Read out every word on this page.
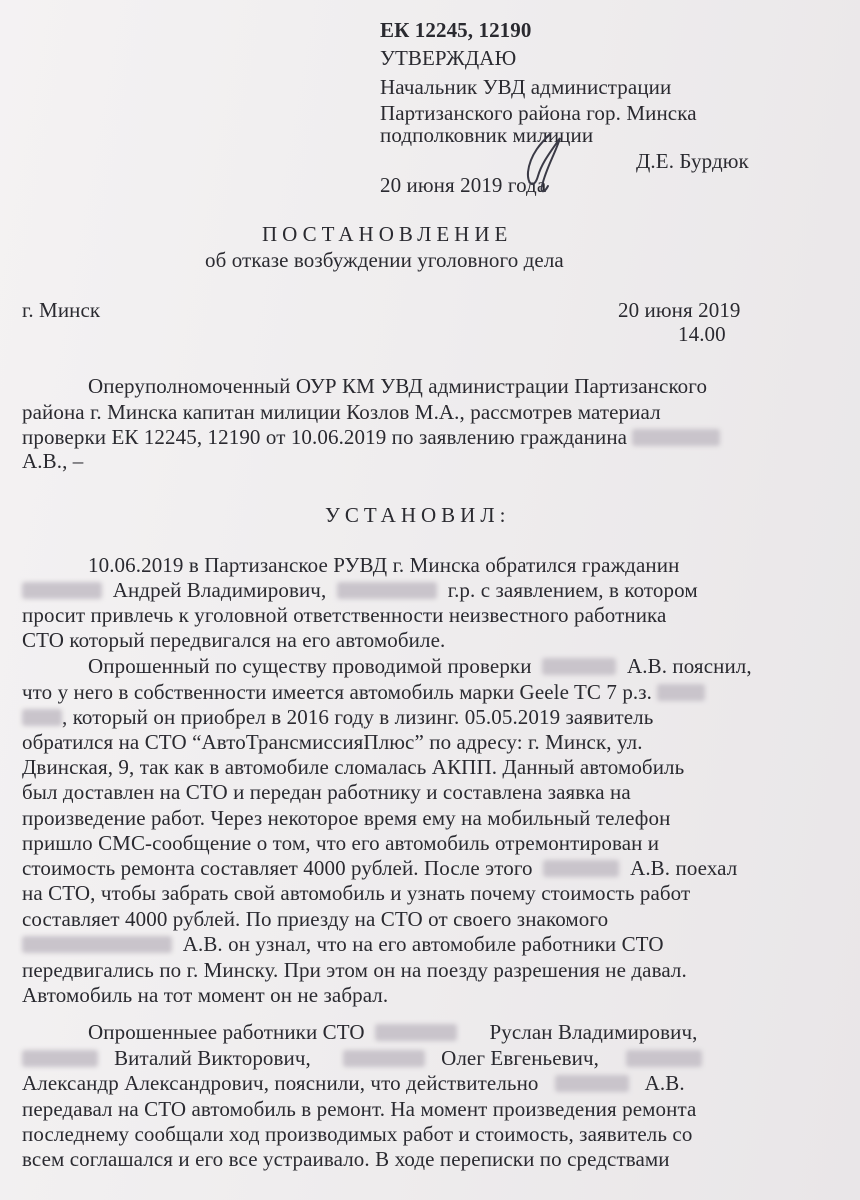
ЕК 12245, 12190
УТВЕРЖДАЮ
Начальник УВД администрации
Партизанского района гор. Минска
подполковник милиции
Д.Е. Бурдюк
20 июня 2019 года
ПОСТАНОВЛЕНИЕ
об отказе возбуждении уголовного дела
г. Минск	20 июня 2019
14.00
Оперуполномоченный ОУР КМ УВД администрации Партизанского
района г. Минска капитан милиции Козлов М.А., рассмотрев материал
проверки ЕК 12245, 12190 от 10.06.2019 по заявлению гражданина
А.В., –
УСТАНОВИЛ:
10.06.2019 в Партизанское РУВД г. Минска обратился гражданин
Андрей Владимирович,	г.р. с заявлением, в котором
просит привлечь к уголовной ответственности неизвестного работника
СТО который передвигался на его автомобиле.
Опрошенный по существу проводимой проверки	А.В. пояснил,
что у него в собственности имеется автомобиль марки Geele TC 7 р.з.
, который он приобрел в 2016 году в лизинг. 05.05.2019 заявитель
обратился на СТО “АвтоТрансмиссияПлюс” по адресу: г. Минск, ул.
Двинская, 9, так как в автомобиле сломалась АКПП. Данный автомобиль
был доставлен на СТО и передан работнику и составлена заявка на
произведение работ. Через некоторое время ему на мобильный телефон
пришло СМС-сообщение о том, что его автомобиль отремонтирован и
стоимость ремонта составляет 4000 рублей. После этого	А.В. поехал
на СТО, чтобы забрать свой автомобиль и узнать почему стоимость работ
составляет 4000 рублей. По приезду на СТО от своего знакомого
А.В. он узнал, что на его автомобиле работники СТО
передвигались по г. Минску. При этом он на поезду разрешения не давал.
Автомобиль на тот момент он не забрал.
Опрошенныее работники СТО	Руслан Владимирович,
Виталий Викторович,	Олег Евгеньевич,
Александр Александрович, пояснили, что действительно	А.В.
передавал на СТО автомобиль в ремонт. На момент произведения ремонта
последнему сообщали ход производимых работ и стоимость, заявитель со
всем соглашался и его все устраивало. В ходе переписки по средствами
